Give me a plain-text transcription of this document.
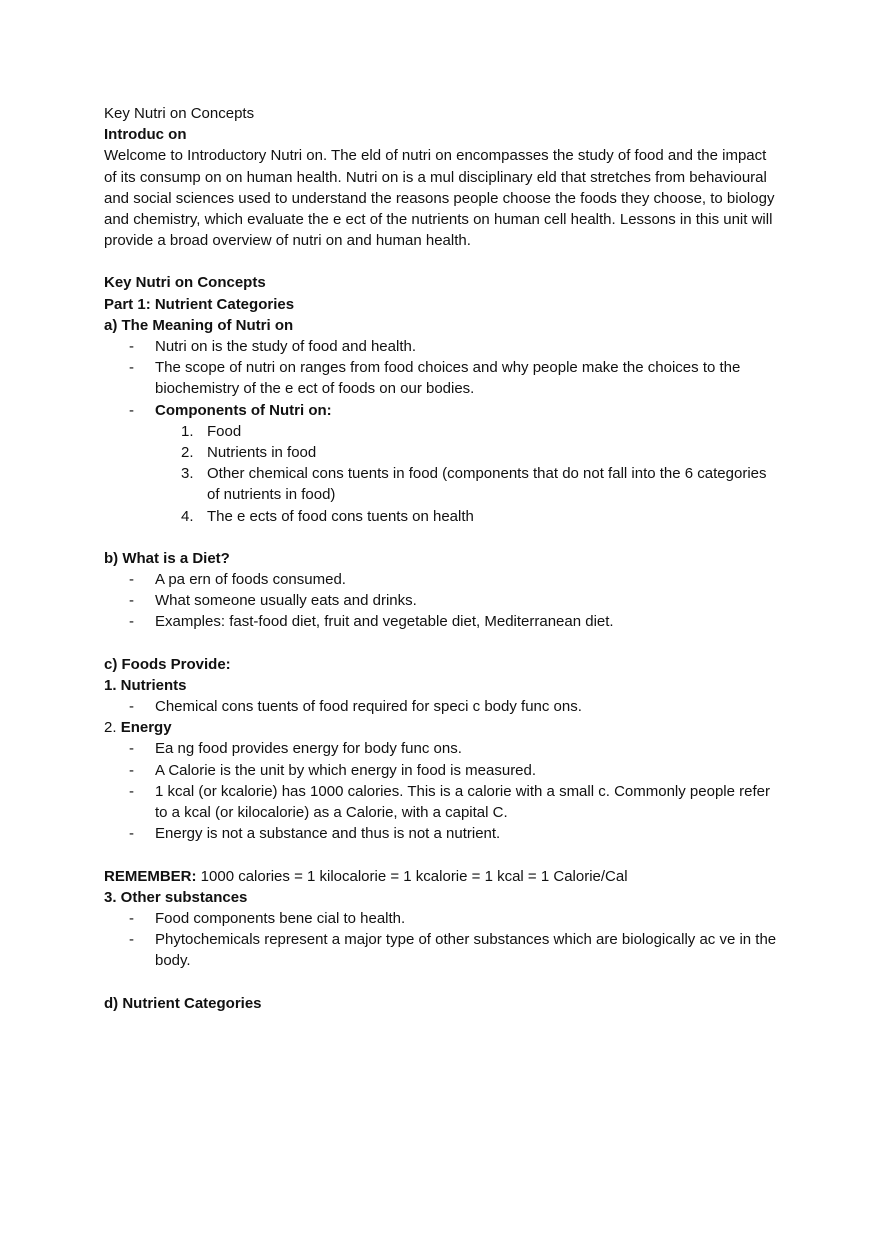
Key Nutri on Concepts

Introduc on

Welcome to Introductory Nutri on. The eld of nutri on encompasses the study of food and the impact of its consump on on human health. Nutri on is a mul disciplinary eld that stretches from behavioural and social sciences used to understand the reasons people choose the foods they choose, to biology and chemistry, which evaluate the e ect of the nutrients on human cell health. Lessons in this unit will provide a broad overview of nutri on and human health.

Key Nutri on Concepts

Part 1: Nutrient Categories

a) The Meaning of Nutri on

- Nutri on is the study of food and health.
- The scope of nutri on ranges from food choices and why people make the choices to the biochemistry of the e ect of foods on our bodies.
- Components of Nutri on:
1. Food
2. Nutrients in food
3. Other chemical cons tuents in food (components that do not fall into the 6 categories of nutrients in food)
4. The e ects of food cons tuents on health

b) What is a Diet?

- A pa ern of foods consumed.
- What someone usually eats and drinks.
- Examples: fast-food diet, fruit and vegetable diet, Mediterranean diet.

c) Foods Provide:

1. Nutrients

- Chemical cons tuents of food required for speci c body func ons.

2. Energy

- Ea ng food provides energy for body func ons.
- A Calorie is the unit by which energy in food is measured.
- 1 kcal (or kcalorie) has 1000 calories. This is a calorie with a small c. Commonly people refer to a kcal (or kilocalorie) as a Calorie, with a capital C.
- Energy is not a substance and thus is not a nutrient.

REMEMBER: 1000 calories = 1 kilocalorie = 1 kcalorie = 1 kcal = 1 Calorie/Cal

3. Other substances

- Food components bene cial to health.
- Phytochemicals represent a major type of other substances which are biologically ac ve in the body.

d) Nutrient Categories
